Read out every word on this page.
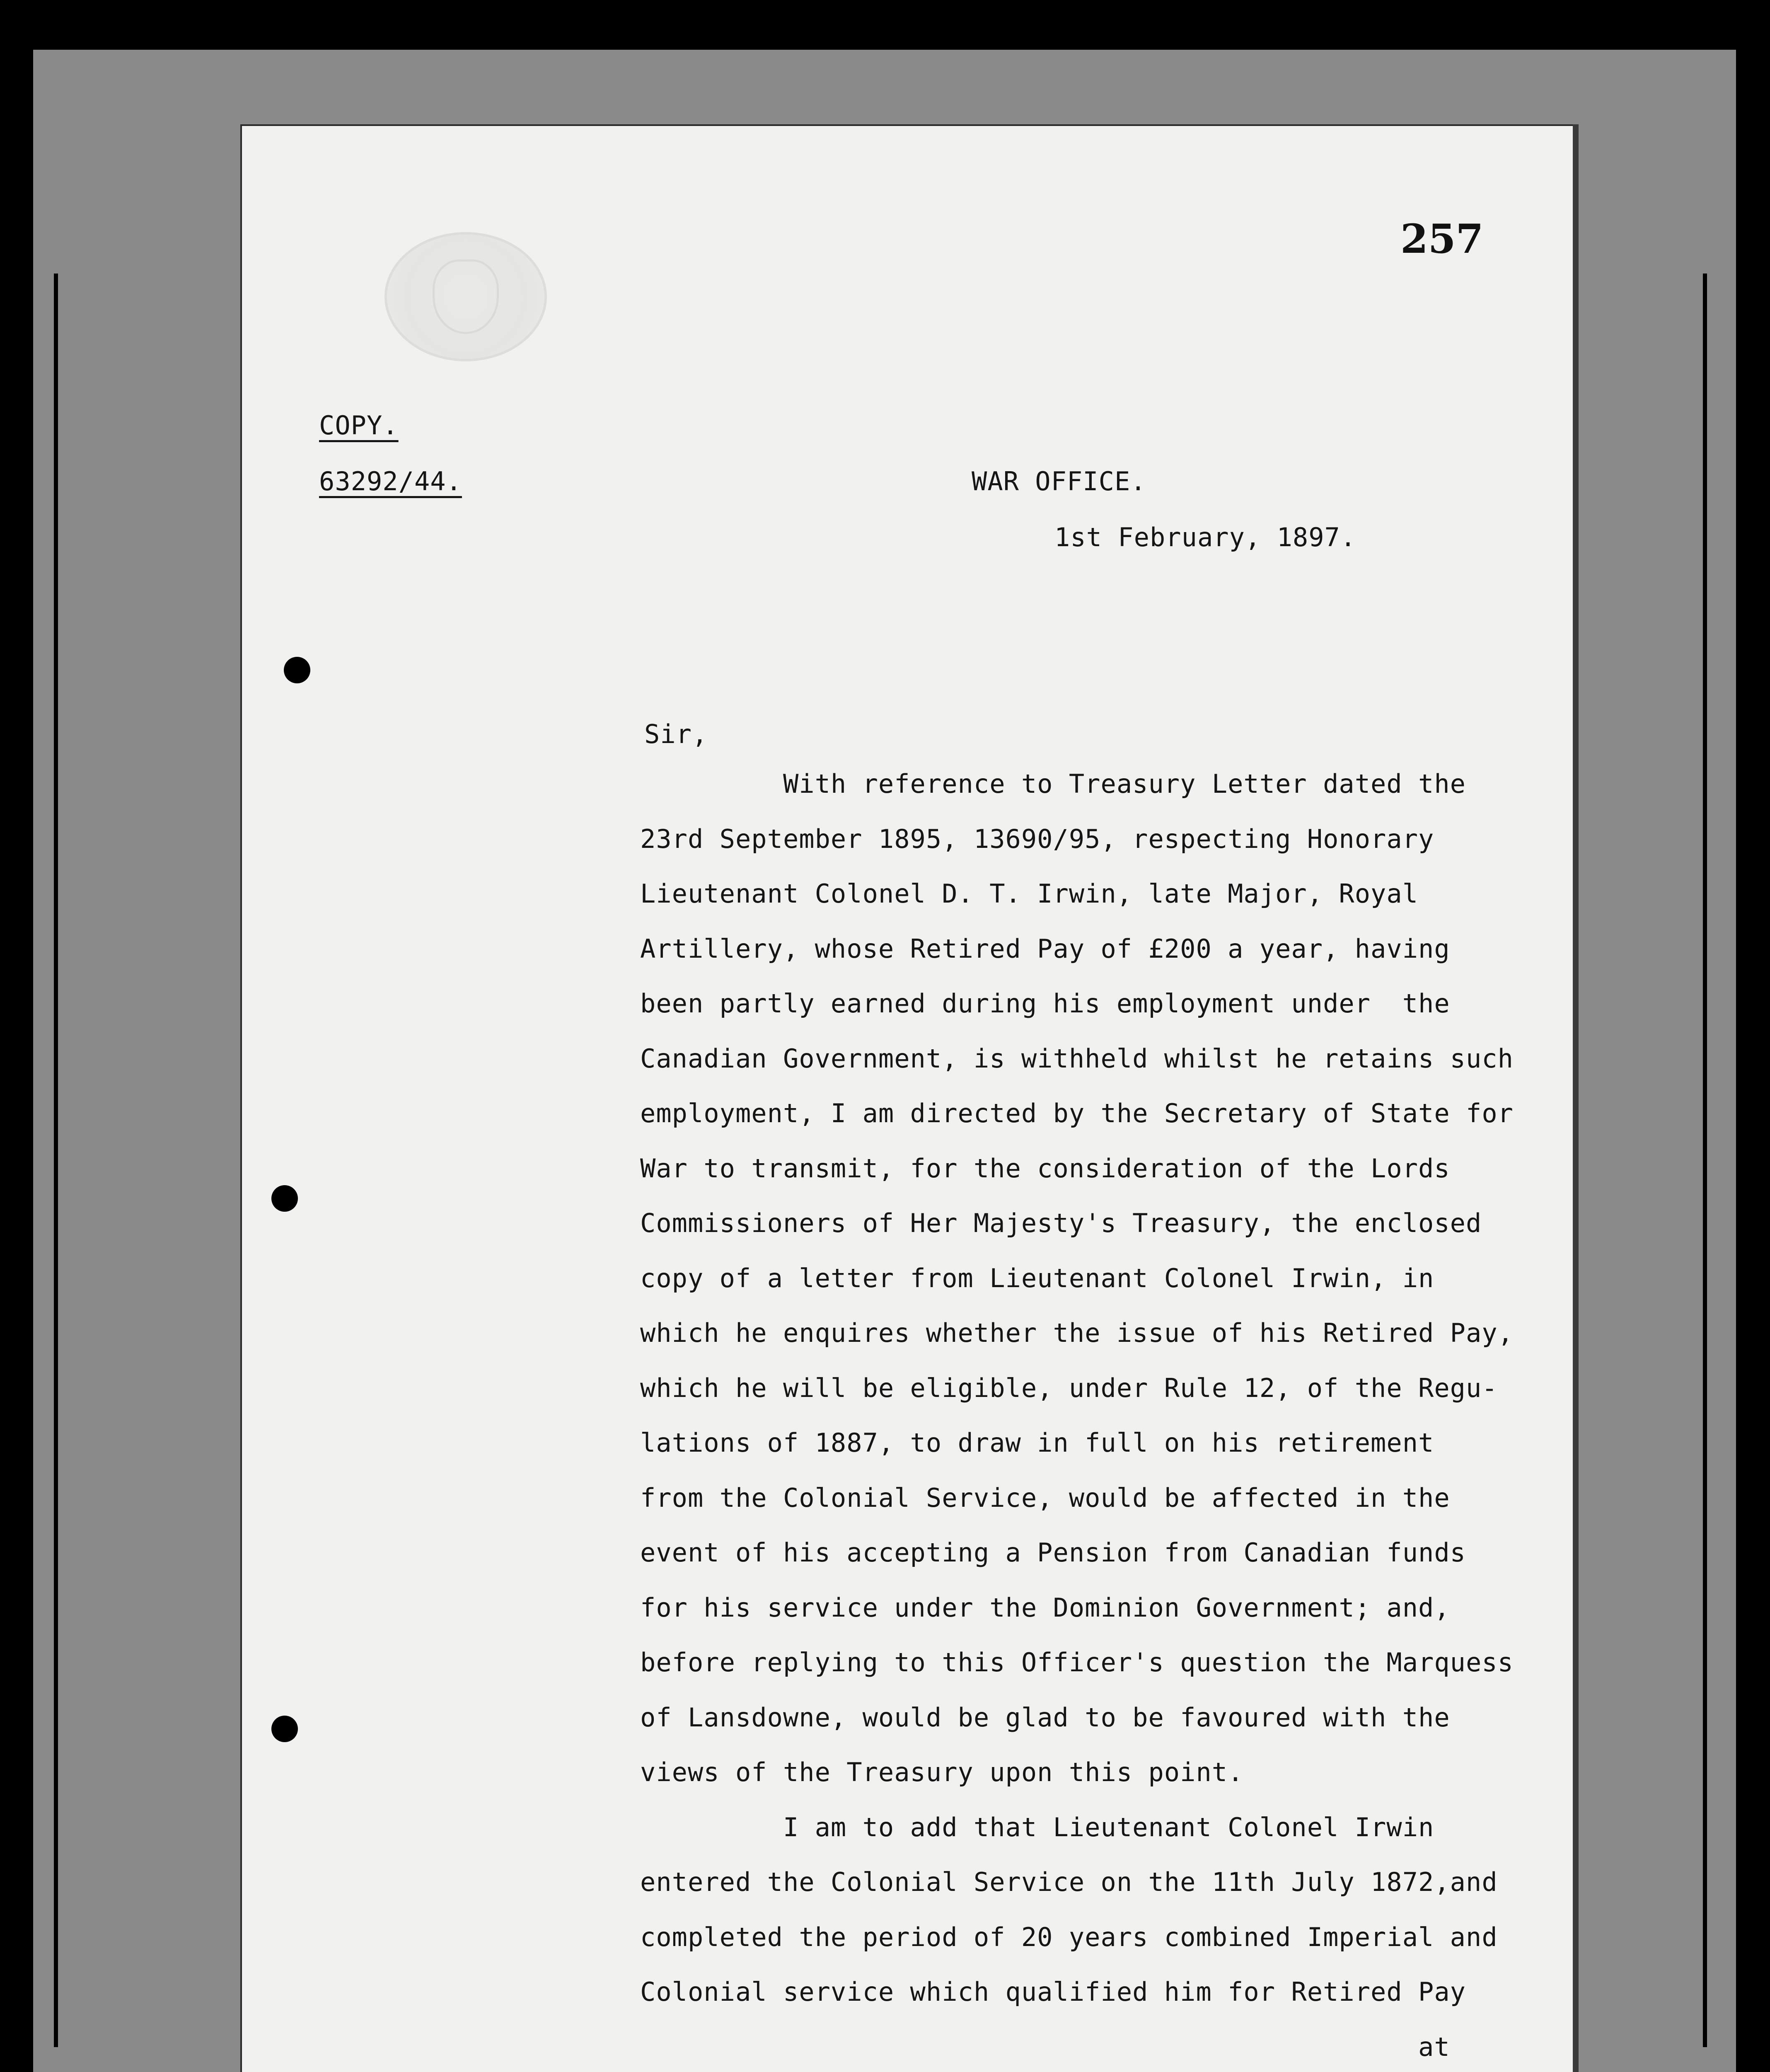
257
COPY.
63292/44.	WAR OFFICE.
1st February, 1897.
Sir,
With reference to Treasury Letter dated the
23rd September 1895, 13690/95, respecting Honorary
Lieutenant Colonel D. T. Irwin, late Major, Royal
Artillery, whose Retired Pay of £200 a year, having
been partly earned during his employment under  the
Canadian Government, is withheld whilst he retains such
employment, I am directed by the Secretary of State for
War to transmit, for the consideration of the Lords
Commissioners of Her Majesty's Treasury, the enclosed
copy of a letter from Lieutenant Colonel Irwin, in
which he enquires whether the issue of his Retired Pay,
which he will be eligible, under Rule 12, of the Regu-
lations of 1887, to draw in full on his retirement
from the Colonial Service, would be affected in the
event of his accepting a Pension from Canadian funds
for his service under the Dominion Government; and,
before replying to this Officer's question the Marquess
of Lansdowne, would be glad to be favoured with the
views of the Treasury upon this point.
I am to add that Lieutenant Colonel Irwin
entered the Colonial Service on the 11th July 1872,and
completed the period of 20 years combined Imperial and
Colonial service which qualified him for Retired Pay
at
